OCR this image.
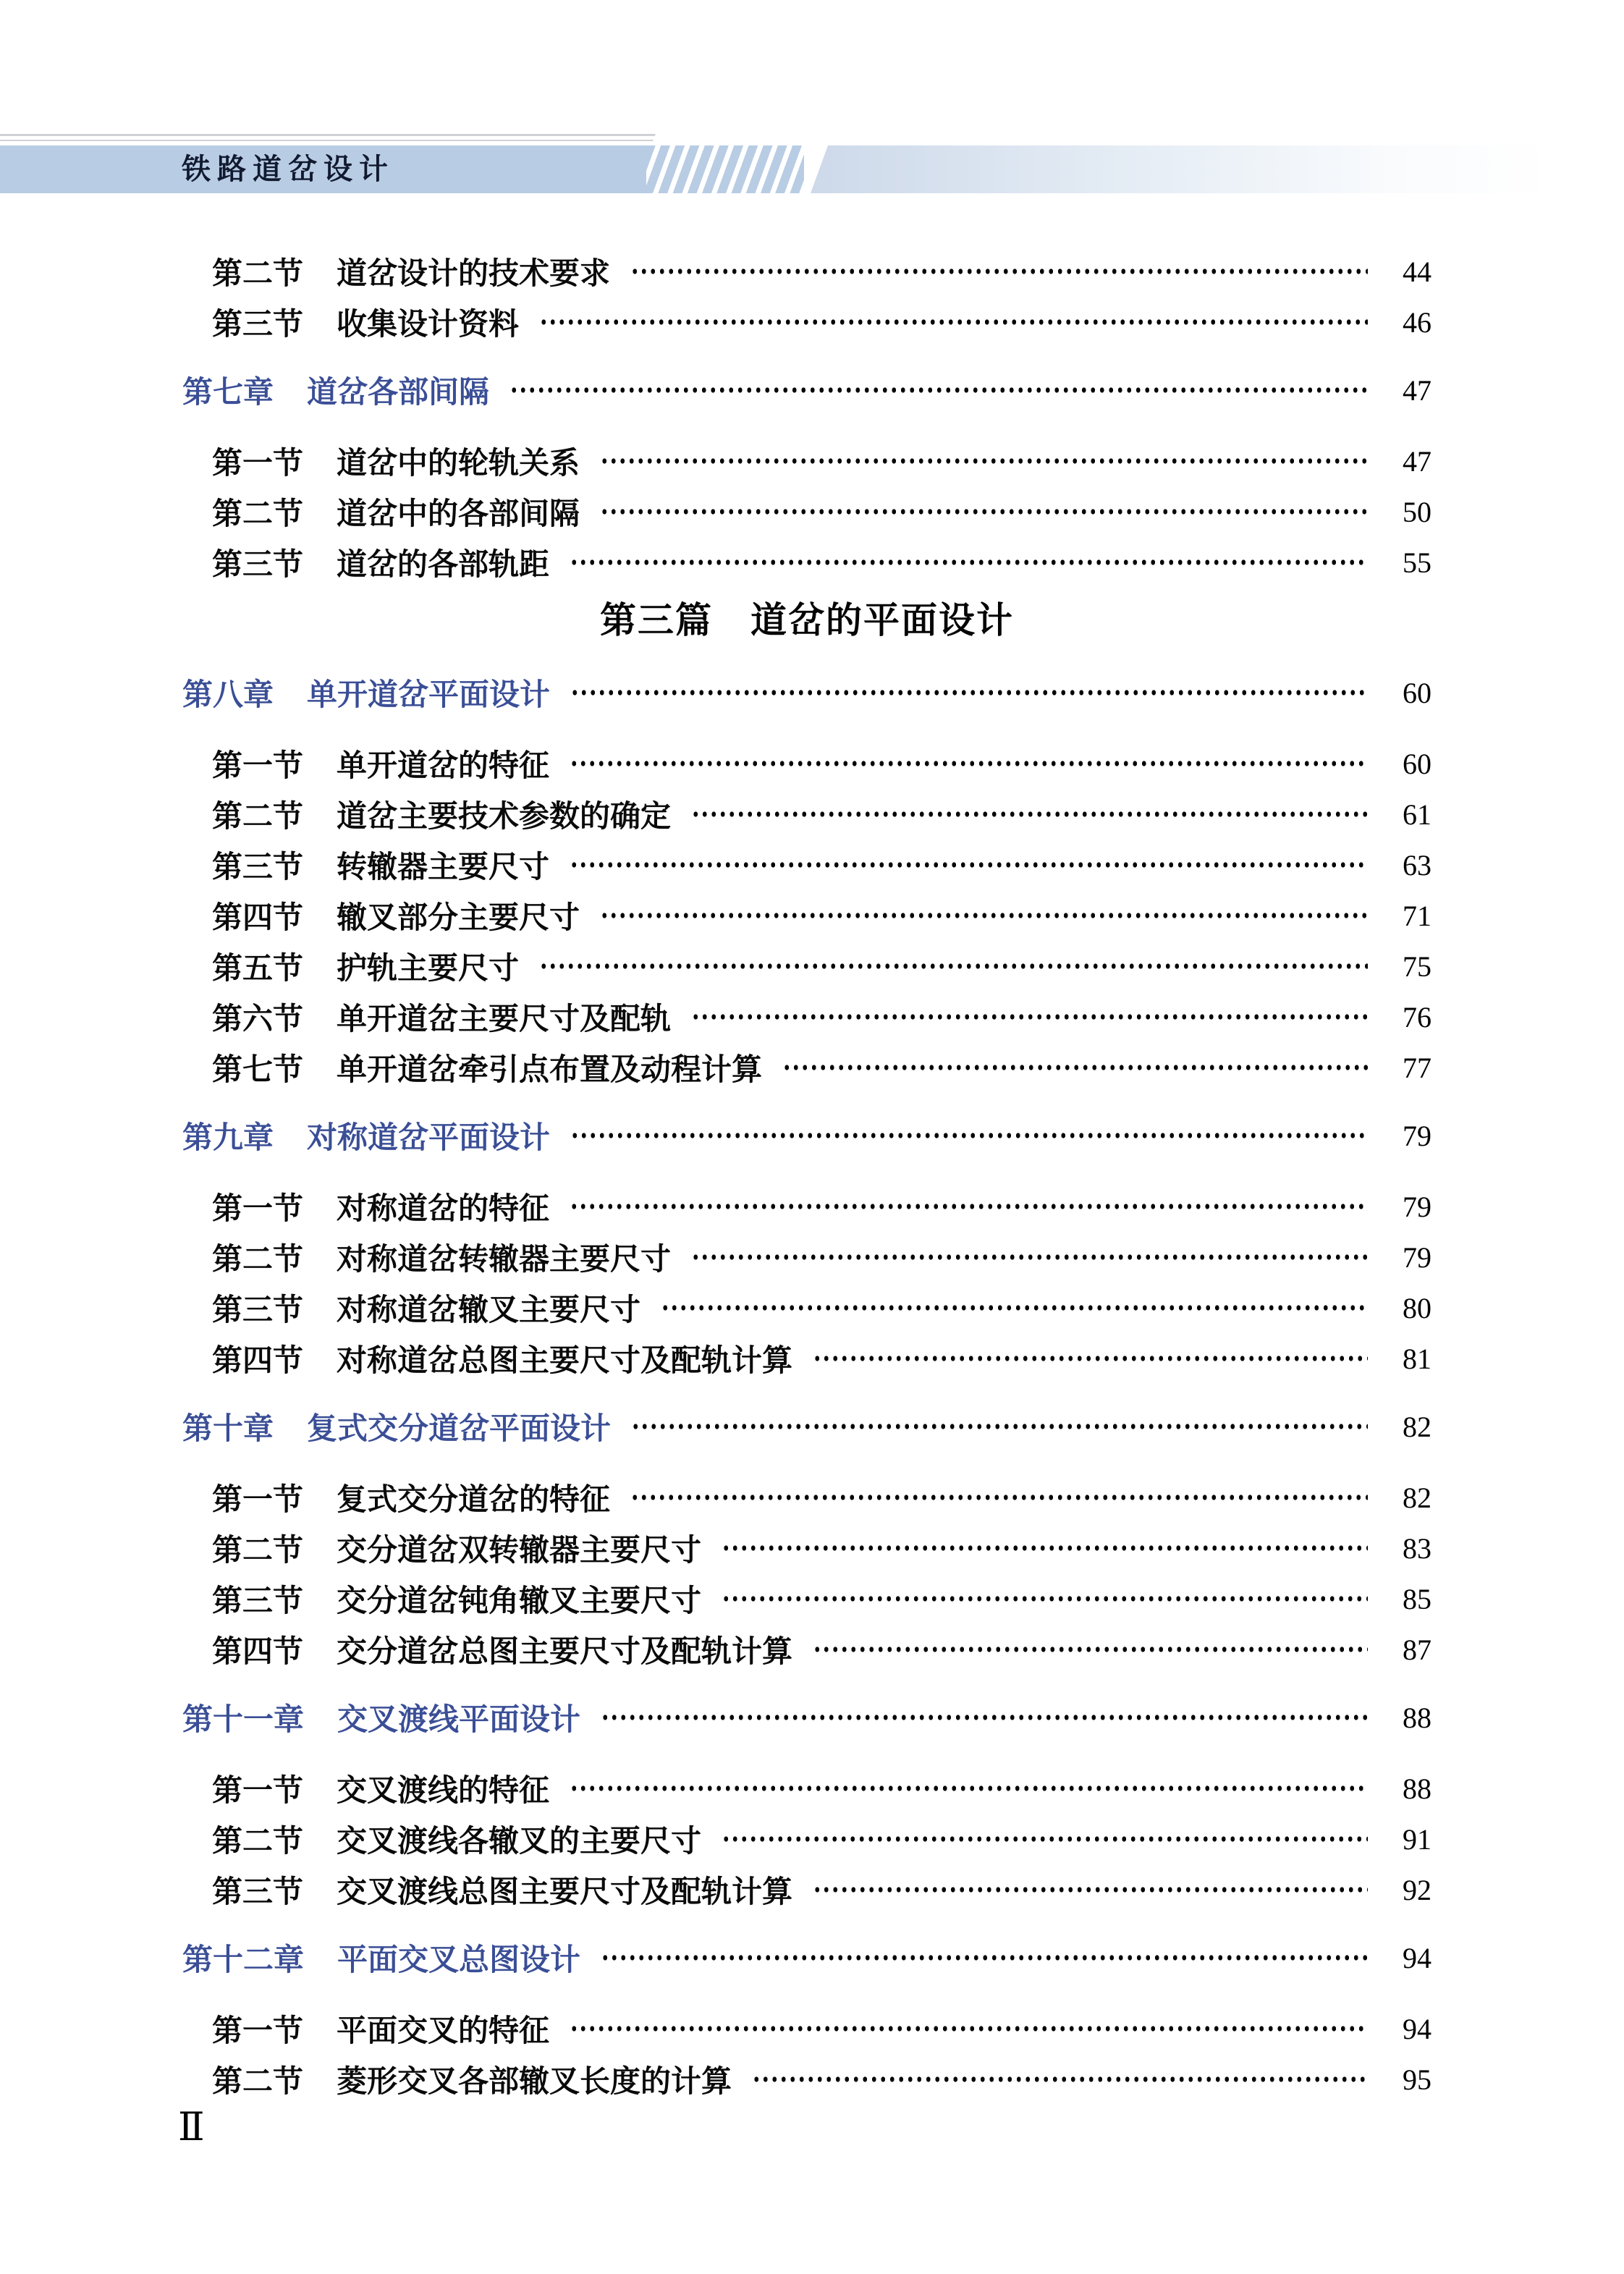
铁路道岔设计
第二节 道岔设计的技术要求	44
第三节 收集设计资料	46
第七章 道岔各部间隔	47
第一节 道岔中的轮轨关系	47
第二节 道岔中的各部间隔	50
第三节 道岔的各部轨距	55
第三篇　道岔的平面设计
第八章 单开道岔平面设计	60
第一节 单开道岔的特征	60
第二节 道岔主要技术参数的确定	61
第三节 转辙器主要尺寸	63
第四节 辙叉部分主要尺寸	71
第五节 护轨主要尺寸	75
第六节 单开道岔主要尺寸及配轨	76
第七节 单开道岔牵引点布置及动程计算	77
第九章 对称道岔平面设计	79
第一节 对称道岔的特征	79
第二节 对称道岔转辙器主要尺寸	79
第三节 对称道岔辙叉主要尺寸	80
第四节 对称道岔总图主要尺寸及配轨计算	81
第十章 复式交分道岔平面设计	82
第一节 复式交分道岔的特征	82
第二节 交分道岔双转辙器主要尺寸	83
第三节 交分道岔钝角辙叉主要尺寸	85
第四节 交分道岔总图主要尺寸及配轨计算	87
第十一章 交叉渡线平面设计	88
第一节 交叉渡线的特征	88
第二节 交叉渡线各辙叉的主要尺寸	91
第三节 交叉渡线总图主要尺寸及配轨计算	92
第十二章 平面交叉总图设计	94
第一节 平面交叉的特征	94
第二节 菱形交叉各部辙叉长度的计算	95
Ⅱ
